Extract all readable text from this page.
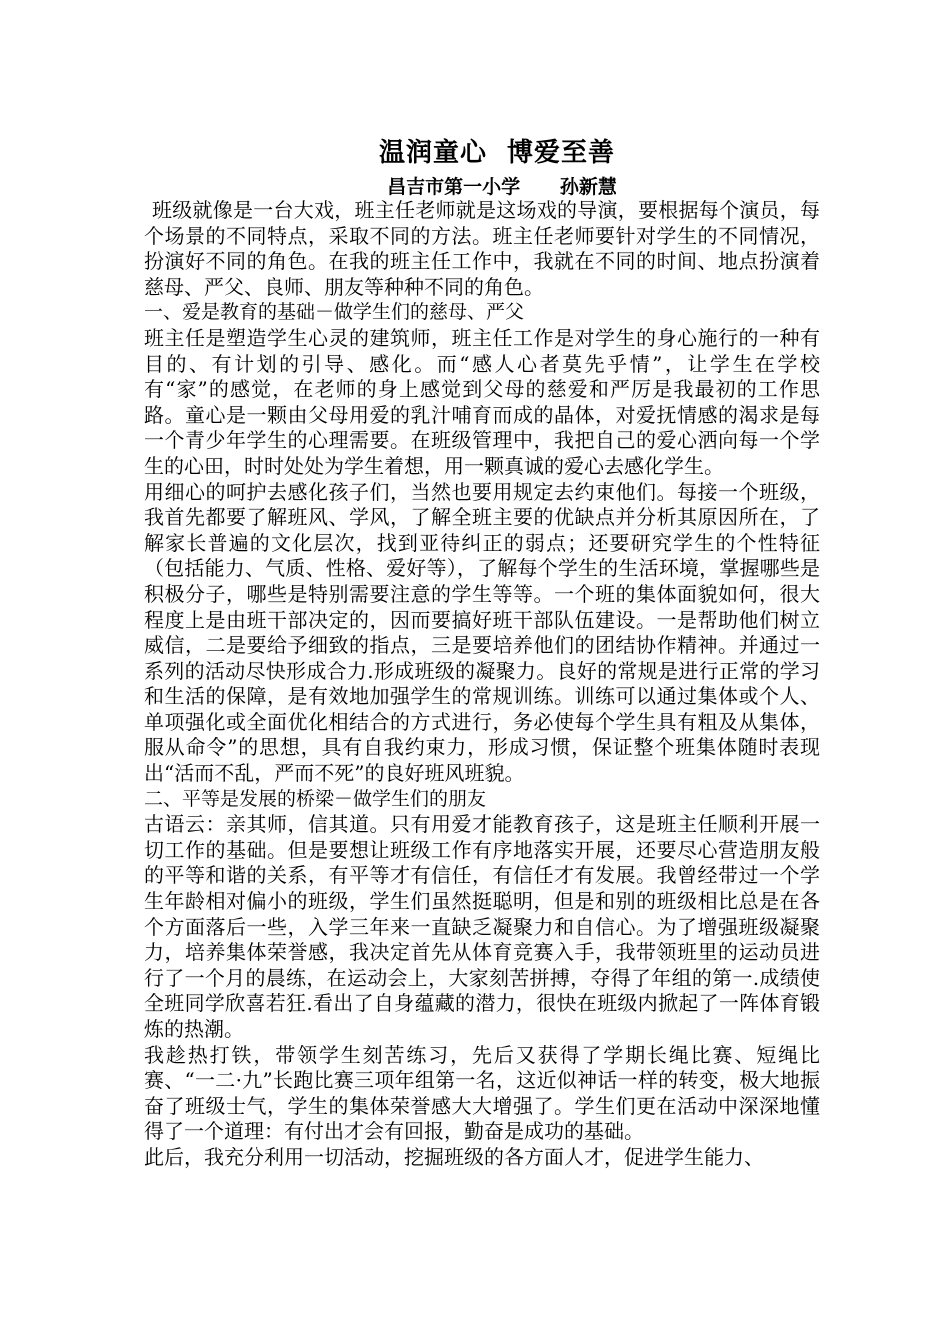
温润童心  博爱至善
昌吉市第一小学      孙新慧

班级就像是一台大戏，班主任老师就是这场戏的导演，要根据每个演员，每个场景的不同特点，采取不同的方法。班主任老师要针对学生的不同情况，扮演好不同的角色。在我的班主任工作中，我就在不同的时间、地点扮演着慈母、严父、良师、朋友等种种不同的角色。

一、爱是教育的基础－做学生们的慈母、严父

班主任是塑造学生心灵的建筑师，班主任工作是对学生的身心施行的一种有目的、有计划的引导、感化。而“感人心者莫先乎情”，让学生在学校有“家”的感觉，在老师的身上感觉到父母的慈爱和严厉是我最初的工作思路。童心是一颗由父母用爱的乳汁哺育而成的晶体，对爱抚情感的渴求是每一个青少年学生的心理需要。在班级管理中，我把自己的爱心洒向每一个学生的心田，时时处处为学生着想，用一颗真诚的爱心去感化学生。

用细心的呵护去感化孩子们，当然也要用规定去约束他们。每接一个班级，我首先都要了解班风、学风，了解全班主要的优缺点并分析其原因所在，了解家长普遍的文化层次，找到亚待纠正的弱点；还要研究学生的个性特征（包括能力、气质、性格、爱好等），了解每个学生的生活环境，掌握哪些是积极分子，哪些是特别需要注意的学生等等。一个班的集体面貌如何，很大程度上是由班干部决定的，因而要搞好班干部队伍建设。一是帮助他们树立威信，二是要给予细致的指点，三是要培养他们的团结协作精神。并通过一系列的活动尽快形成合力.形成班级的凝聚力。良好的常规是进行正常的学习和生活的保障，是有效地加强学生的常规训练。训练可以通过集体或个人、单项强化或全面优化相结合的方式进行，务必使每个学生具有粗及从集体，服从命令”的思想，具有自我约束力，形成习惯，保证整个班集体随时表现出“活而不乱，严而不死”的良好班风班貌。

二、平等是发展的桥梁－做学生们的朋友

古语云：亲其师，信其道。只有用爱才能教育孩子，这是班主任顺利开展一切工作的基础。但是要想让班级工作有序地落实开展，还要尽心营造朋友般的平等和谐的关系，有平等才有信任，有信任才有发展。我曾经带过一个学生年龄相对偏小的班级，学生们虽然挺聪明，但是和别的班级相比总是在各个方面落后一些，入学三年来一直缺乏凝聚力和自信心。为了增强班级凝聚力，培养集体荣誉感，我决定首先从体育竞赛入手，我带领班里的运动员进行了一个月的晨练，在运动会上，大家刻苦拼搏，夺得了年组的第一.成绩使全班同学欣喜若狂.看出了自身蕴藏的潜力，很快在班级内掀起了一阵体育锻炼的热潮。

我趁热打铁，带领学生刻苦练习，先后又获得了学期长绳比赛、短绳比赛、“一二·九”长跑比赛三项年组第一名，这近似神话一样的转变，极大地振奋了班级士气，学生的集体荣誉感大大增强了。学生们更在活动中深深地懂得了一个道理：有付出才会有回报，勤奋是成功的基础。

此后，我充分利用一切活动，挖掘班级的各方面人才，促进学生能力、
